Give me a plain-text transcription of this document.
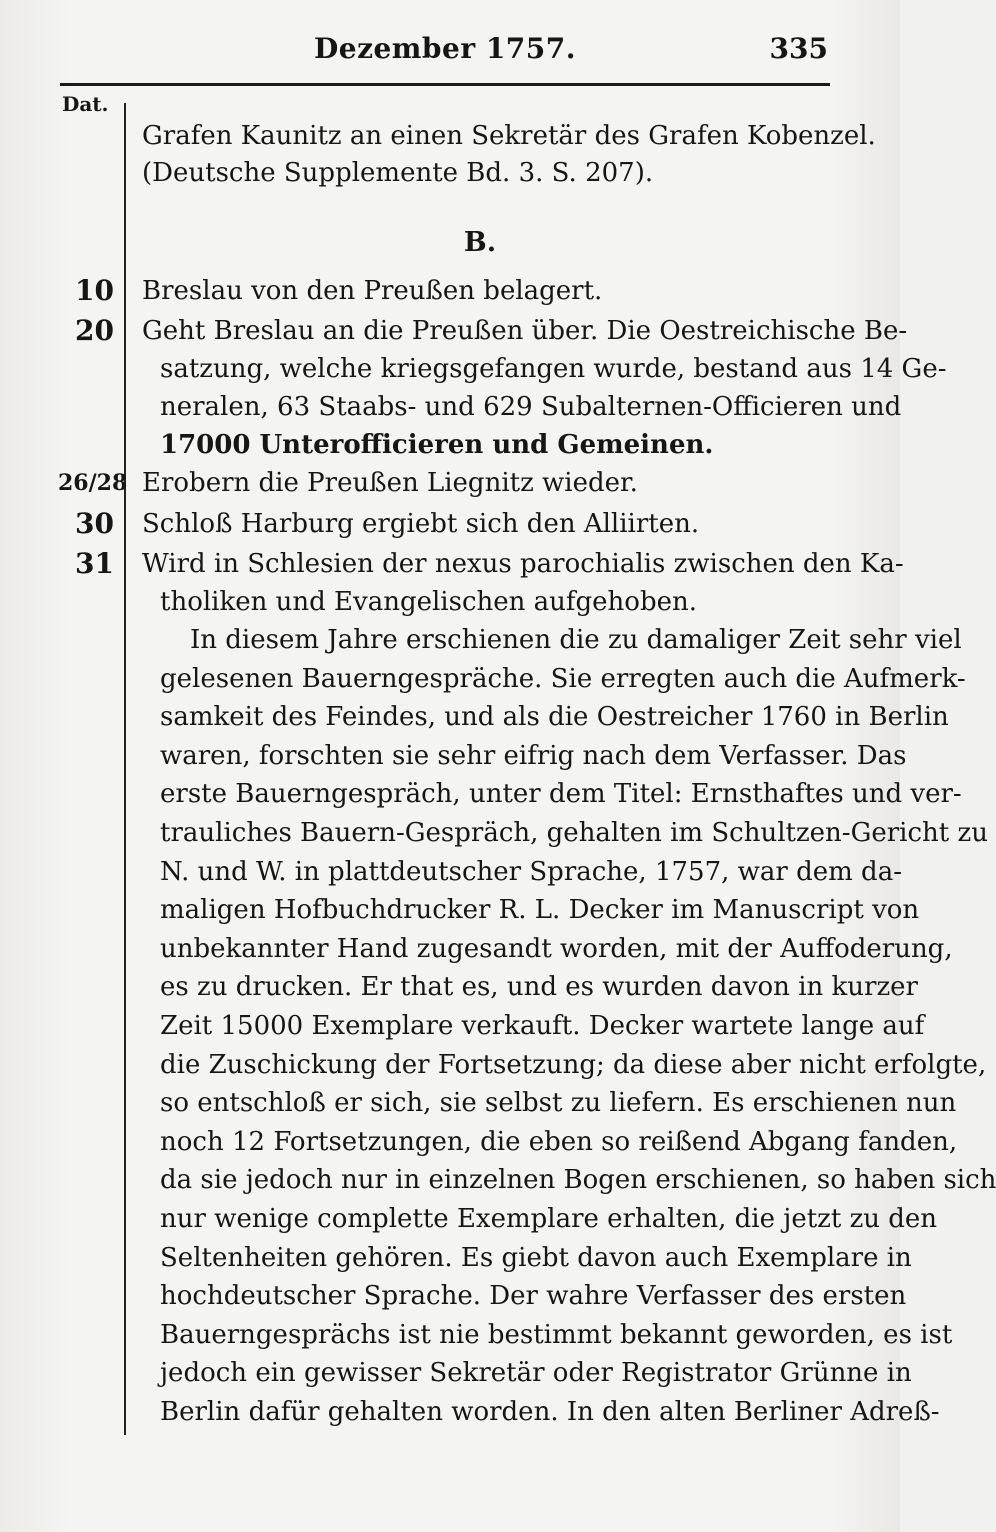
Dezember 1757.	335
Dat.
Grafen Kaunitz an einen Sekretär des Grafen Kobenzel.
(Deutsche Supplemente Bd. 3. S. 207).
B.
10 Breslau von den Preußen belagert.
20 Geht Breslau an die Preußen über. Die Oestreichische Be-
satzung, welche kriegsgefangen wurde, bestand aus 14 Ge-
neralen, 63 Staabs- und 629 Subalternen-Officieren und
17000 Unterofficieren und Gemeinen.
26/28 Erobern die Preußen Liegnitz wieder.
30 Schloß Harburg ergiebt sich den Alliirten.
31 Wird in Schlesien der nexus parochialis zwischen den Ka-
tholiken und Evangelischen aufgehoben.
In diesem Jahre erschienen die zu damaliger Zeit sehr viel
gelesenen Bauerngespräche. Sie erregten auch die Aufmerk-
samkeit des Feindes, und als die Oestreicher 1760 in Berlin
waren, forschten sie sehr eifrig nach dem Verfasser. Das
erste Bauerngespräch, unter dem Titel: Ernsthaftes und ver-
trauliches Bauern-Gespräch, gehalten im Schultzen-Gericht zu
N. und W. in plattdeutscher Sprache, 1757, war dem da-
maligen Hofbuchdrucker R. L. Decker im Manuscript von
unbekannter Hand zugesandt worden, mit der Auffoderung,
es zu drucken. Er that es, und es wurden davon in kurzer
Zeit 15000 Exemplare verkauft. Decker wartete lange auf
die Zuschickung der Fortsetzung; da diese aber nicht erfolgte,
so entschloß er sich, sie selbst zu liefern. Es erschienen nun
noch 12 Fortsetzungen, die eben so reißend Abgang fanden,
da sie jedoch nur in einzelnen Bogen erschienen, so haben sich
nur wenige complette Exemplare erhalten, die jetzt zu den
Seltenheiten gehören. Es giebt davon auch Exemplare in
hochdeutscher Sprache. Der wahre Verfasser des ersten
Bauerngesprächs ist nie bestimmt bekannt geworden, es ist
jedoch ein gewisser Sekretär oder Registrator Grünne in
Berlin dafür gehalten worden. In den alten Berliner Adreß-
